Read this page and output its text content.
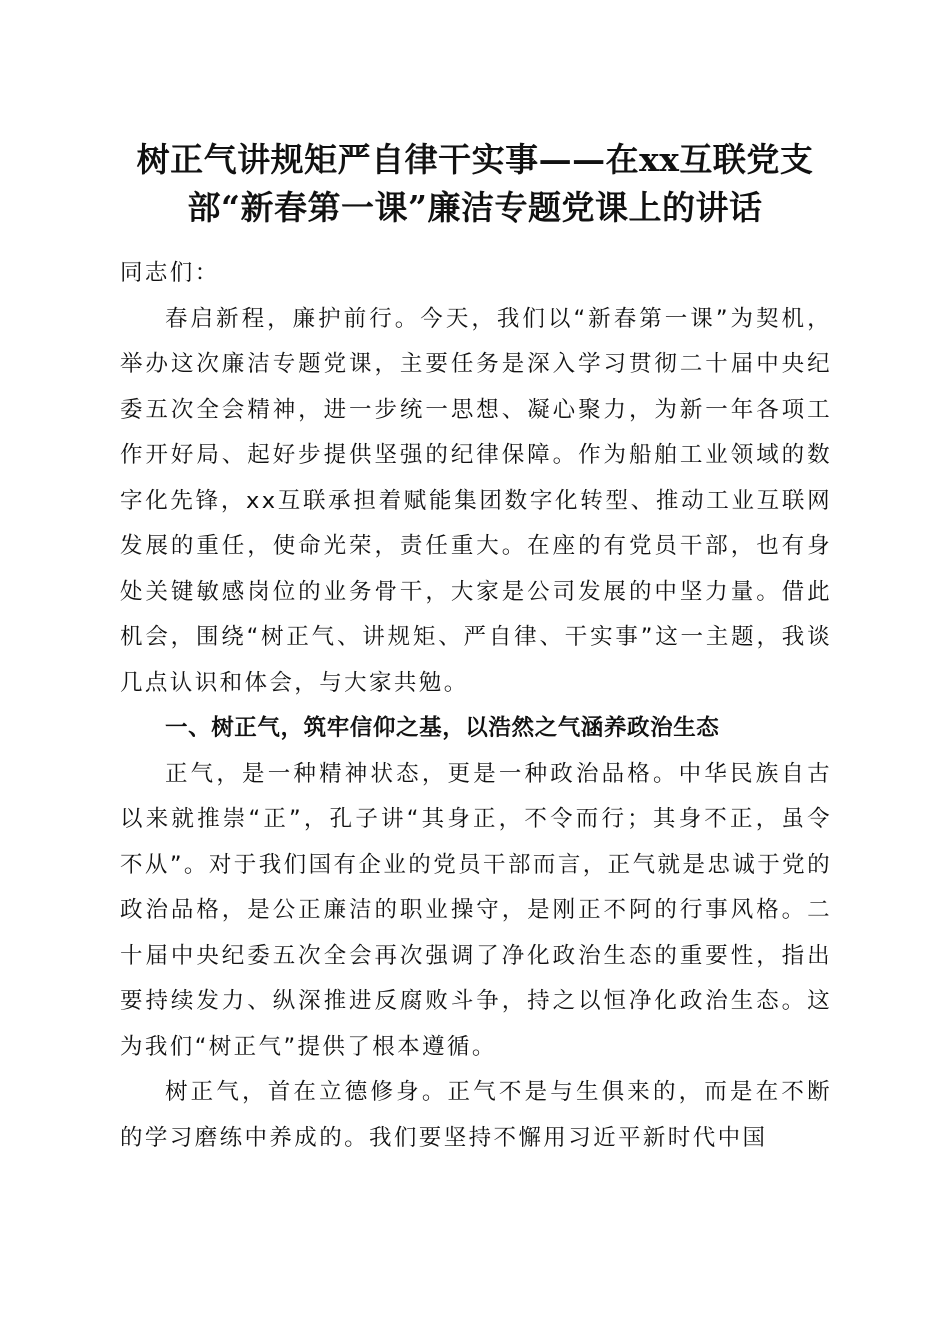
树正气讲规矩严自律干实事——在xx互联党支部“新春第一课”廉洁专题党课上的讲话

同志们：

春启新程，廉护前行。今天，我们以“新春第一课”为契机，举办这次廉洁专题党课，主要任务是深入学习贯彻二十届中央纪委五次全会精神，进一步统一思想、凝心聚力，为新一年各项工作开好局、起好步提供坚强的纪律保障。作为船舶工业领域的数字化先锋，xx互联承担着赋能集团数字化转型、推动工业互联网发展的重任，使命光荣，责任重大。在座的有党员干部，也有身处关键敏感岗位的业务骨干，大家是公司发展的中坚力量。借此机会，围绕“树正气、讲规矩、严自律、干实事”这一主题，我谈几点认识和体会，与大家共勉。

一、树正气，筑牢信仰之基，以浩然之气涵养政治生态

正气，是一种精神状态，更是一种政治品格。中华民族自古以来就推崇“正”，孔子讲“其身正，不令而行；其身不正，虽令不从”。对于我们国有企业的党员干部而言，正气就是忠诚于党的政治品格，是公正廉洁的职业操守，是刚正不阿的行事风格。二十届中央纪委五次全会再次强调了净化政治生态的重要性，指出要持续发力、纵深推进反腐败斗争，持之以恒净化政治生态。这为我们“树正气”提供了根本遵循。

树正气，首在立德修身。正气不是与生俱来的，而是在不断的学习磨练中养成的。我们要坚持不懈用习近平新时代中国
